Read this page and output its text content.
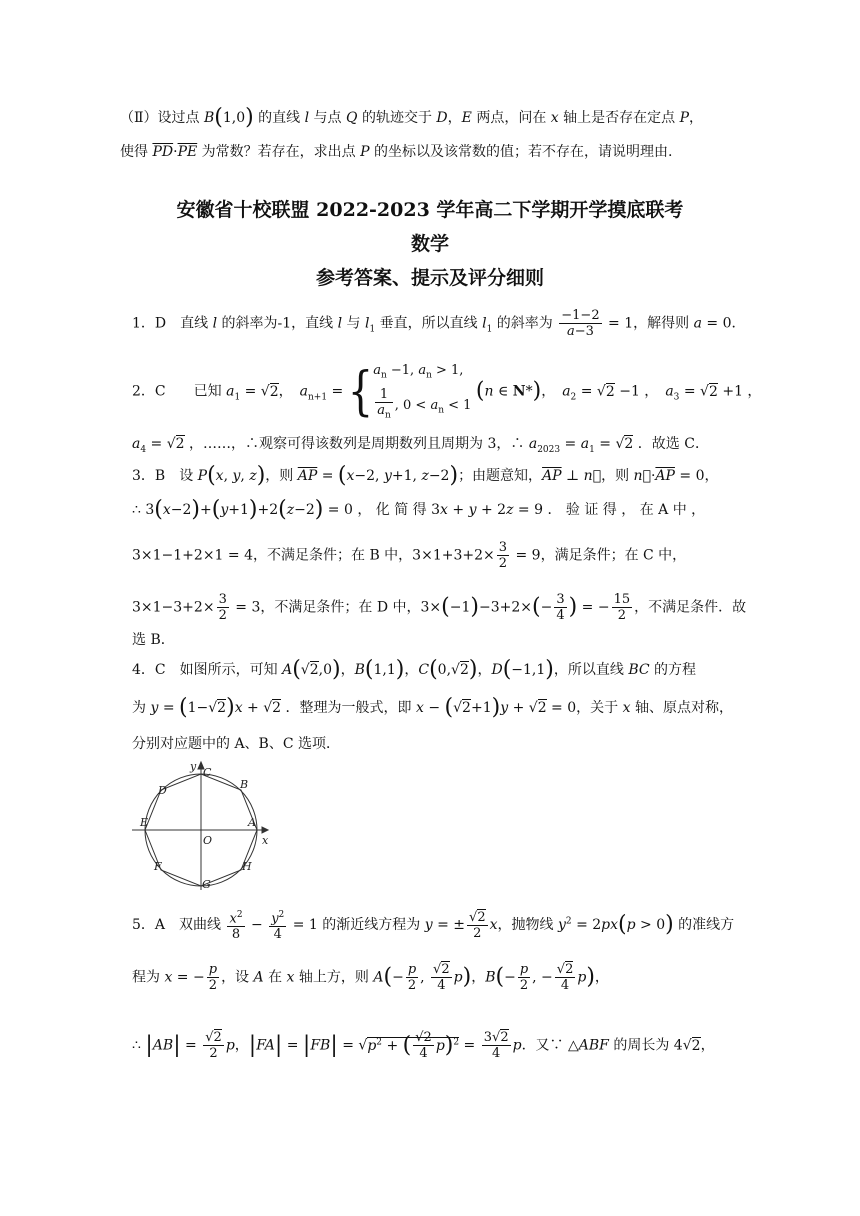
（Ⅱ）设过点 B(1,0) 的直线 l 与点 Q 的轨迹交于 D，E 两点，问在 x 轴上是否存在定点 P，
使得 $\overline{PD}\cdot\overline{PE}$ 为常数？若存在，求出点 P 的坐标以及该常数的值；若不存在，请说明理由.
安徽省十校联盟 2022-2023 学年高二下学期开学摸底联考
数学
参考答案、提示及评分细则
1．D　直线 l 的斜率为-1，直线 l 与 $l_1$ 垂直，所以直线 $l_1$ 的斜率为 $\frac{-1-2}{a-3} = 1$，解得则 a = 0．
2．C　　已知 $a_1 = √2$，　$a_{n+1}$ = { $a_n -1$, $a_n > 1$,
$\frac{1}{a_n}$ , $0 < a_n < 1$
(n ∈ N*)，　$a_2 = √2 -1$ ，　$a_3 = √2 +1$ ，
$a_4 = √2$ ，……，∴观察可得该数列是周期数列且周期为 3，∴ $a_{2023} = a_1 = √2$ ．故选 C．
3．B　设 P(x, y, z)，则 $\overline{AP} = (x-2$, y+1, z−2)；由题意知，$\overline{AP}$ ⊥ n⃗，则 $n⃗\cdot\overline{AP} = 0$，
∴ 3(x−2)+(y+1)+2(z−2) = 0 ， 化 简 得 3x + y + 2z = 9 ． 验 证 得 ， 在 A 中 ，
3×1−1+2×1 = 4，不满足条件；在 B 中，$3\times 1+3+2\times \frac{3}{2} = 9$，满足条件；在 C 中，
$3\times 1-3+2\times \frac{3}{2} = 3$，不满足条件；在 D 中，$3\times(-1)-3+2\times(- \frac{3}{4}$ ) = − $\frac{15}{2}$ ，不满足条件．故
选 B．
4．C　如图所示，可知 A(√2,0)，B(1,1)，C(0,√2)，D(−1,1)，所以直线 BC 的方程
为 y = (1−√2)x + √2 ．整理为一般式，即 x − (√2+1)y + √2 = 0，关于 x 轴、原点对称，
分别对应题中的 A、B、C 选项．
y
x
O
A
B
C
D
E
F
G
H
5．A　双曲线 $\frac{x^2}{8} - \frac{y^2}{4} = 1$ 的渐近线方程为 y = ± $\frac{√2}{2}$ x，抛物线 $y^2 = 2px(p > 0)$ 的准线方
程为 x = − $\frac{p}{2}$ ，设 A 在 x 轴上方，则 $A(- \frac{p}{2}$ , $\frac{√2}{4} p$)，$B(- \frac{p}{2}$ , − $\frac{√2}{4} p$)，
∴ $|AB| = \frac{√2}{2}$ p，$|FA| = |FB| = √p^2$ + ( $\frac{√2}{4} p)^2 = \frac{3√2}{4}$ p．又∵ △ABF 的周长为 4√2，
